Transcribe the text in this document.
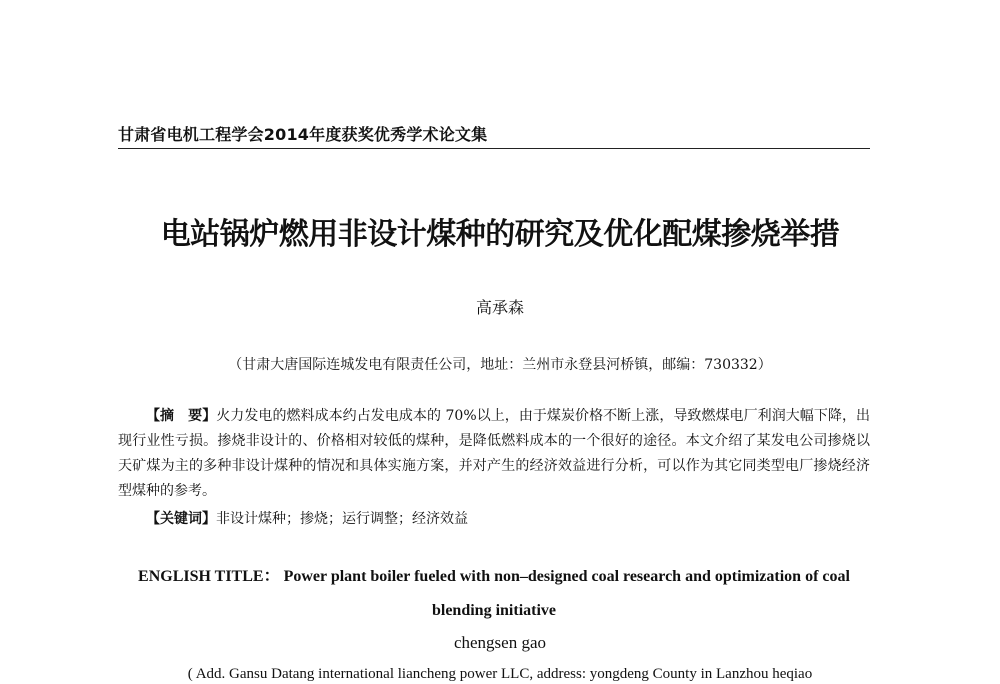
甘肃省电机工程学会2014年度获奖优秀学术论文集
电站锅炉燃用非设计煤种的研究及优化配煤掺烧举措
高承森
（甘肃大唐国际连城发电有限责任公司，地址：兰州市永登县河桥镇，邮编：730332）
【摘　要】火力发电的燃料成本约占发电成本的 70%以上，由于煤炭价格不断上涨，导致燃煤电厂利润大幅下降，出现行业性亏损。掺烧非设计的、价格相对较低的煤种，是降低燃料成本的一个很好的途径。本文介绍了某发电公司掺烧以天矿煤为主的多种非设计煤种的情况和具体实施方案，并对产生的经济效益进行分析，可以作为其它同类型电厂掺烧经济型煤种的参考。
【关键词】非设计煤种；掺烧；运行调整；经济效益
ENGLISH TITLE： Power plant boiler fueled with non–designed coal research and optimization of coal blending initiative
chengsen gao
( Add. Gansu Datang international liancheng power LLC, address: yongdeng County in Lanzhou heqiao
